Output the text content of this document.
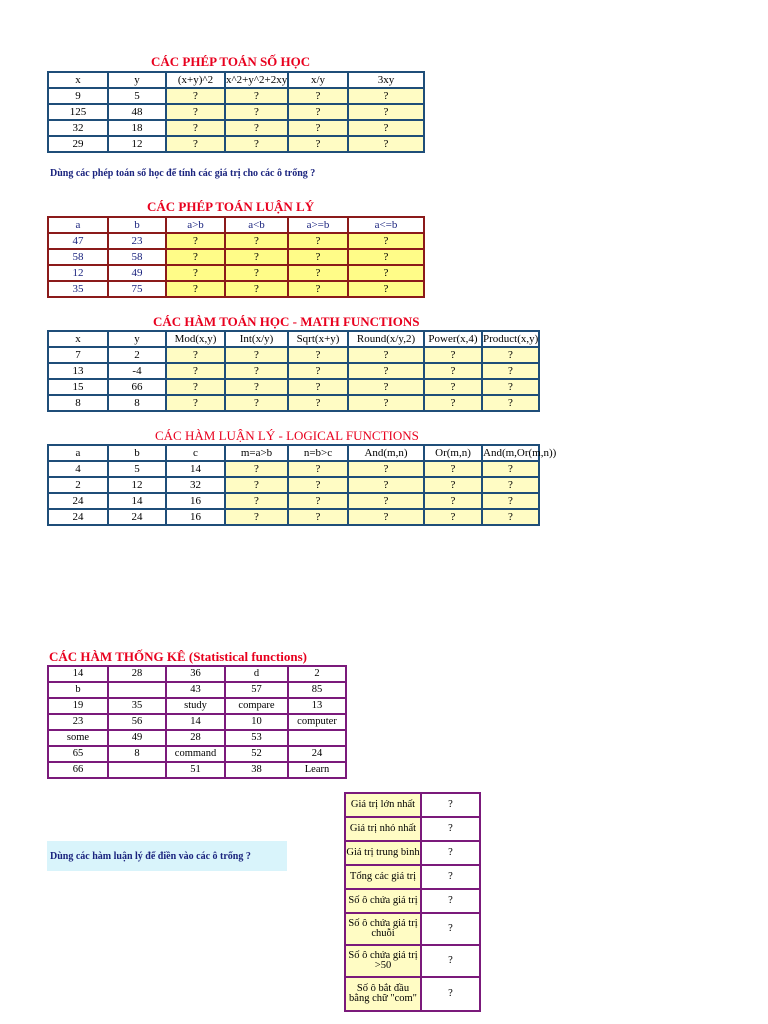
CÁC PHÉP TOÁN SỐ HỌC
x	y	(x+y)^2	x^2+y^2+2xy	x/y	3xy
9	5	?	?	?	?
125	48	?	?	?	?
32	18	?	?	?	?
29	12	?	?	?	?
Dùng các phép toán số học để tính các giá trị cho các ô trống ?
CÁC PHÉP TOÁN LUẬN LÝ
a	b	a>b	a<b	a>=b	a<=b
47	23	?	?	?	?
58	58	?	?	?	?
12	49	?	?	?	?
35	75	?	?	?	?
CÁC HÀM TOÁN HỌC - MATH FUNCTIONS
x	y	Mod(x,y)	Int(x/y)	Sqrt(x+y)	Round(x/y,2)	Power(x,4)	Product(x,y)
7	2	?	?	?	?	?	?
13	-4	?	?	?	?	?	?
15	66	?	?	?	?	?	?
8	8	?	?	?	?	?	?
CÁC HÀM LUẬN LÝ - LOGICAL FUNCTIONS
a	b	c	m=a>b	n=b>c	And(m,n)	Or(m,n)	And(m,Or(m,n))
4	5	14	?	?	?	?	?
2	12	32	?	?	?	?	?
24	14	16	?	?	?	?	?
24	24	16	?	?	?	?	?
CÁC HÀM THỐNG KÊ (Statistical functions)
14	28	36	d	2
b		43	57	85
19	35	study	compare	13
23	56	14	10	computer
some	49	28	53	
65	8	command	52	24
66		51	38	Learn
Dùng các hàm luận lý để điền vào các ô trống ?
Giá trị lớn nhất	?
Giá trị nhỏ nhất	?
Giá trị trung bình	?
Tổng các giá trị	?
Số ô chứa giá trị	?
Số ô chứa giá trị chuỗi	?
Số ô chứa giá trị >50	?
Số ô bắt đầu bằng chữ "com"	?
